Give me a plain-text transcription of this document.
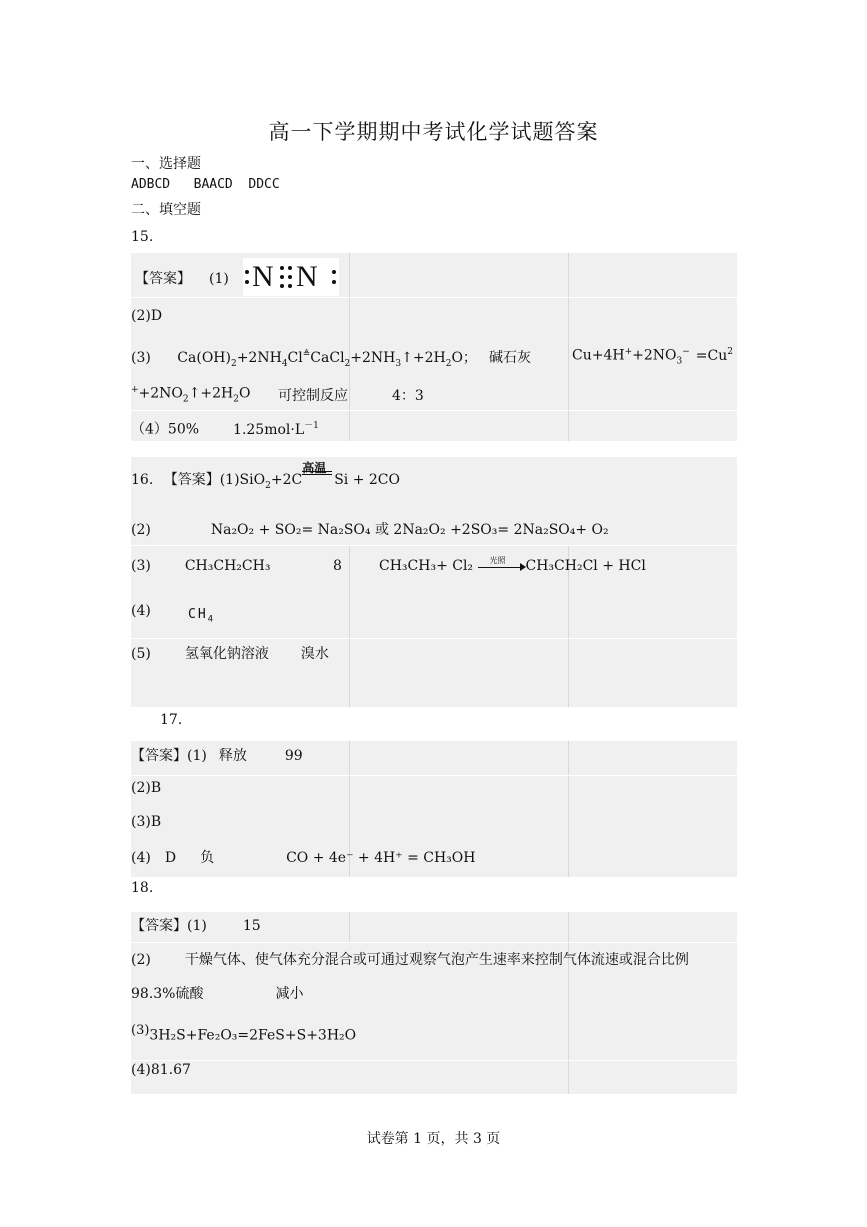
高一下学期期中考试化学试题答案
一、选择题
ADBCD   BAACD  DDCC
二、填空题
15.
【答案】 (1) N N
(2)D
(3) $Ca(OH)_2+2NH_4Cl^≜CaCl_2+2NH_3↑+2H_2O$； 碱石灰	$Cu+4H^++2NO_3^- =Cu^2$
$^++2NO_2↑+2H_2O$ 可控制反应	4：3
（4）50% $1.25mol\cdot L^{-1}$
16. 【答案】(1)SiO$_2$+2C
高温
Si + 2CO
(2)	Na₂O₂ + SO₂= Na₂SO₄ 或 2Na₂O₂ +2SO₃= 2Na₂SO₄+ O₂
(3) CH₃CH₂CH₃	8	CH₃CH₃+ Cl₂ 光照 CH₃CH₂Cl + HCl
(4)	$CH_4$
(5) 氢氧化钠溶液 溴水
17.
【答案】(1) 释放	99
(2)B
(3)B
(4) D 负	CO + 4e⁻ + 4H⁺ = CH₃OH
18.
【答案】(1)	15
(2) 干燥气体、使气体充分混合或可通过观察气泡产生速率来控制气体流速或混合比例
98.3%硫酸	减小
$^{(3)}$3H₂S+Fe₂O₃=2FeS+S+3H₂O
(4)81.67
试卷第 1 页，共 3 页
